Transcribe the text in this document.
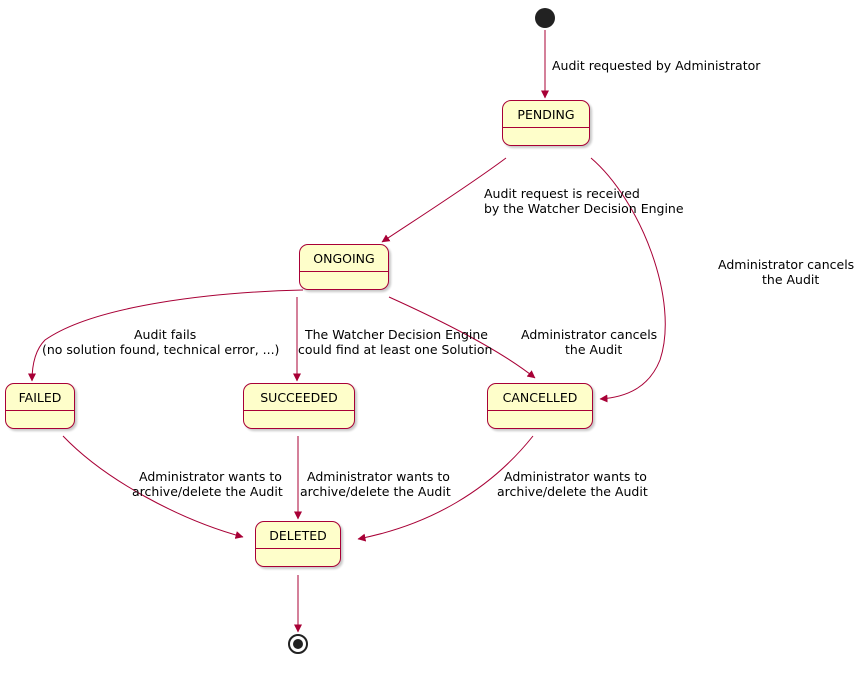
PENDING
ONGOING
FAILED	SUCCEEDED	CANCELLED
DELETED
Audit requested by Administrator
Audit request is received
by the Watcher Decision Engine
Administrator cancels
the Audit
Audit fails
(no solution found, technical error, ...)
The Watcher Decision Engine
could find at least one Solution
Administrator cancels
the Audit
Administrator wants to
archive/delete the Audit
Administrator wants to
archive/delete the Audit
Administrator wants to
archive/delete the Audit
